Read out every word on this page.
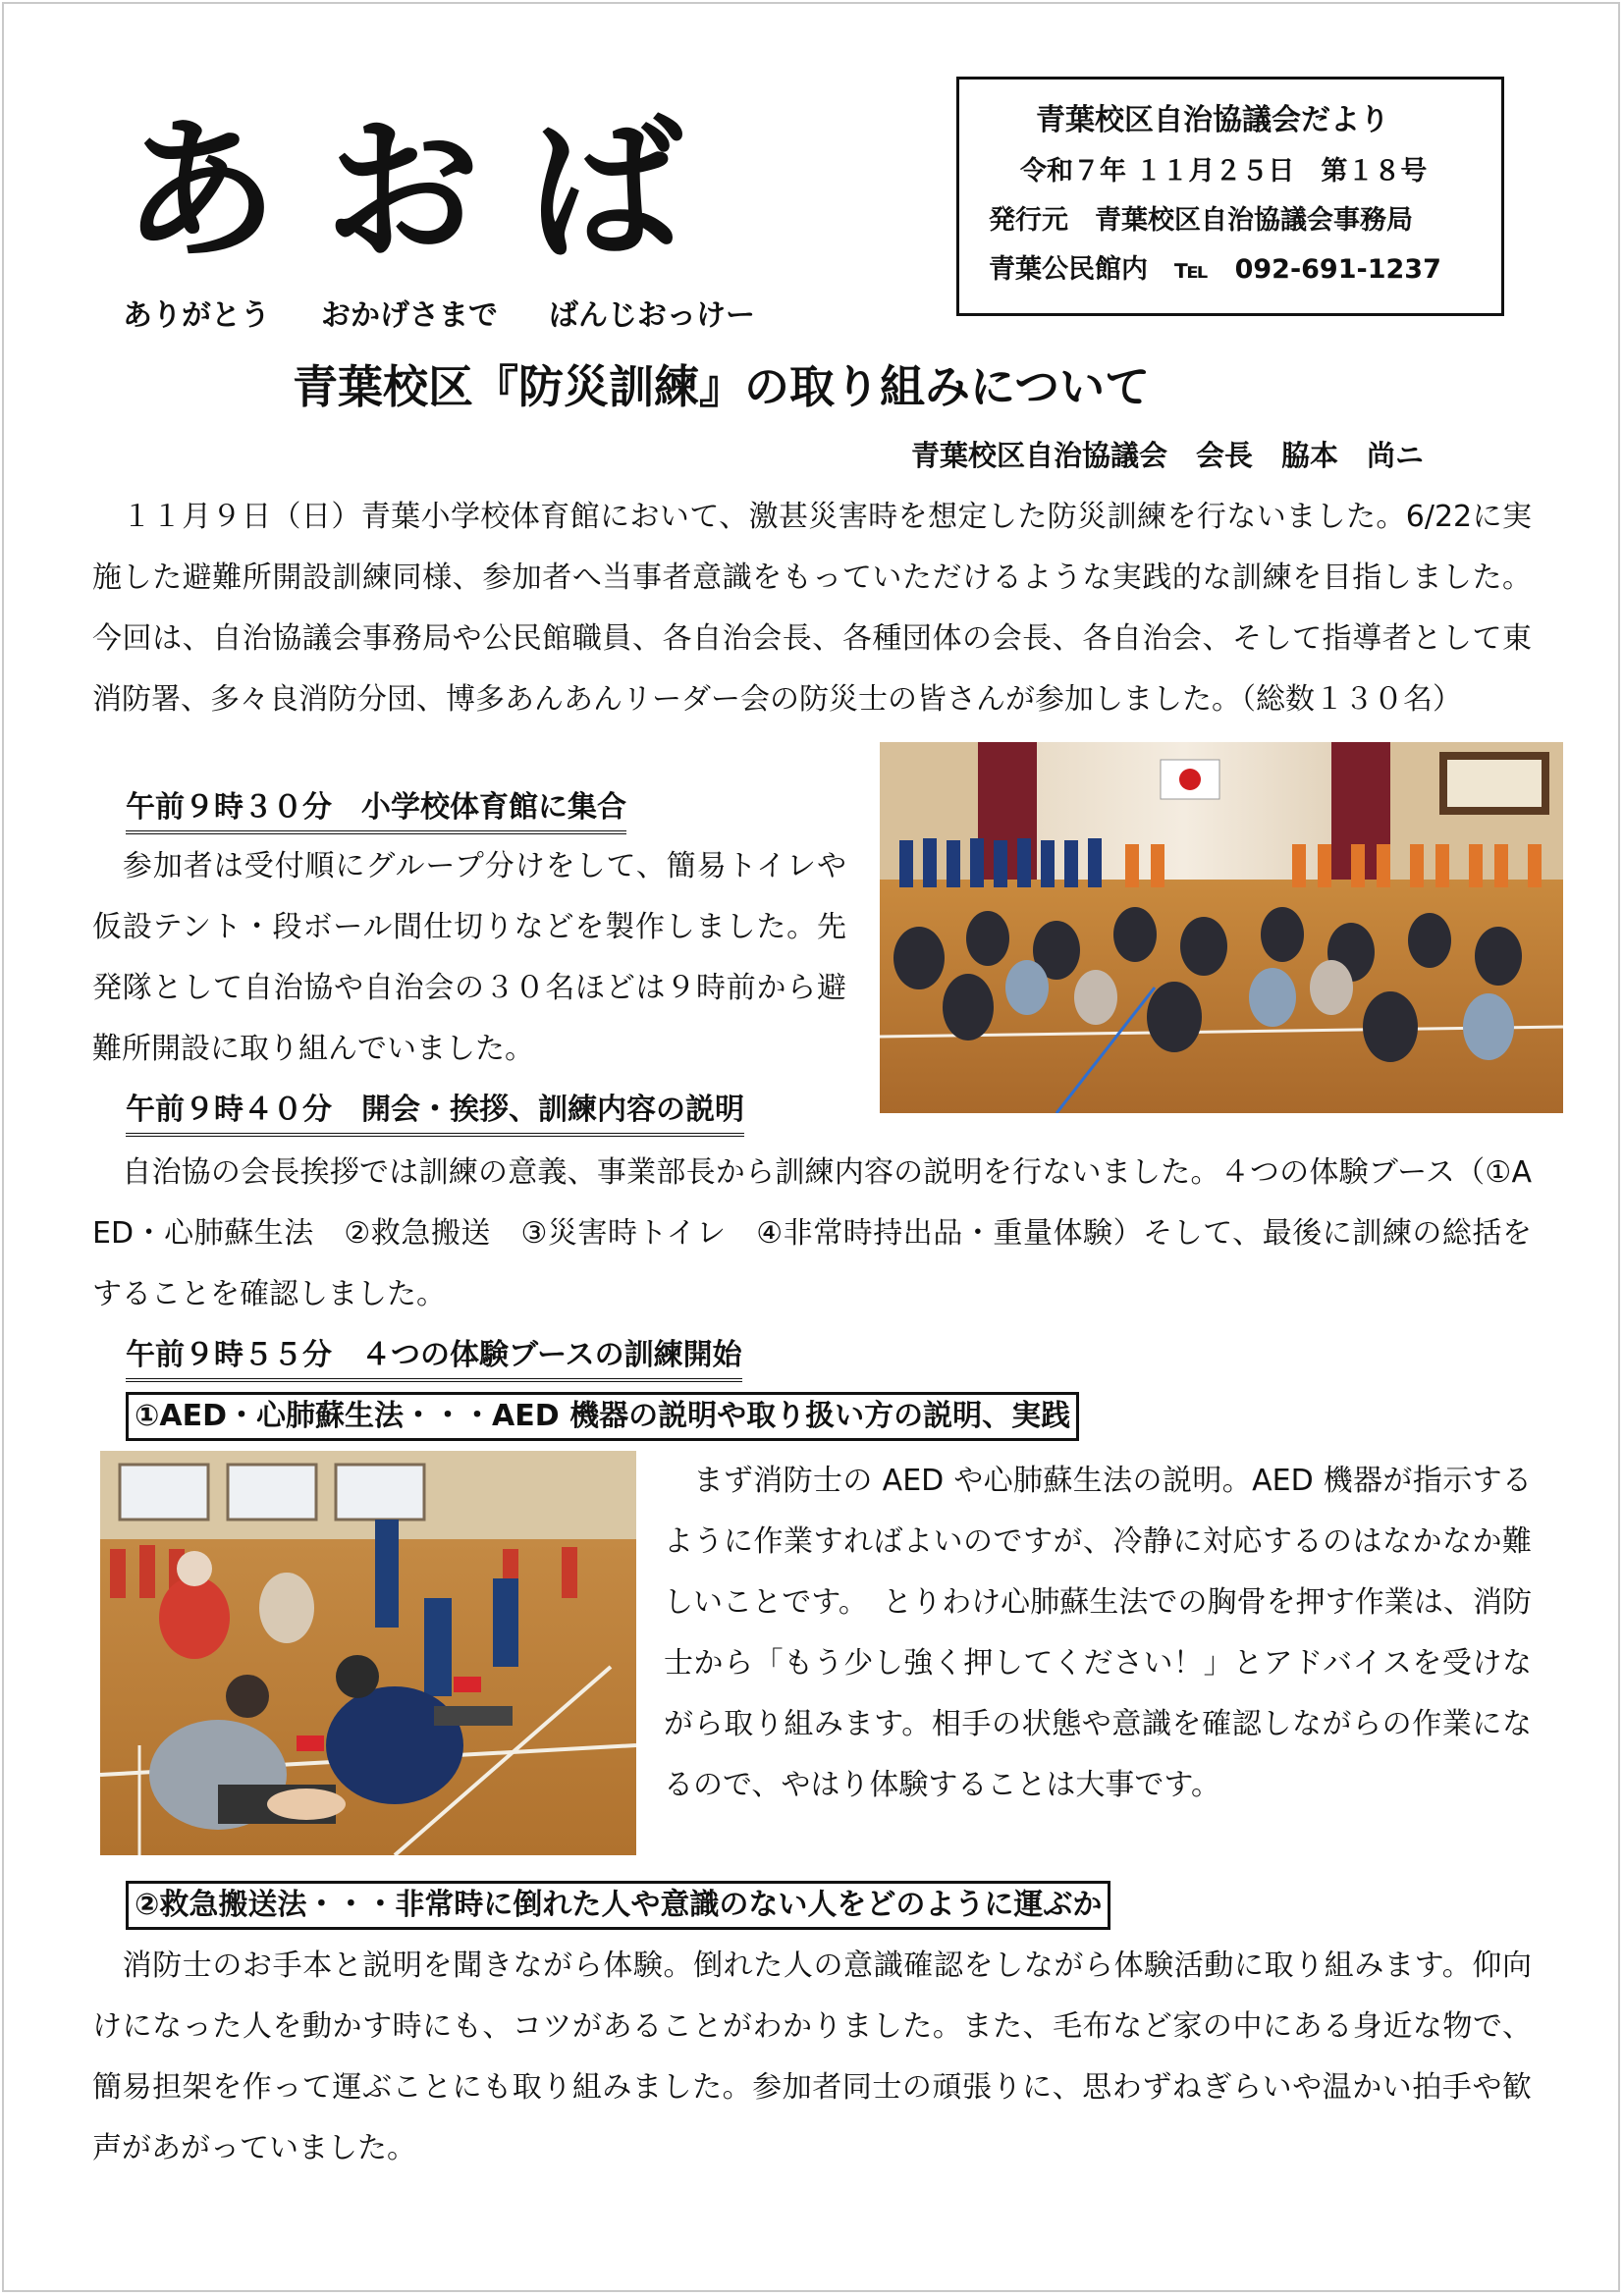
あおば
ありがとう おかげさまで ばんじおっけー
青葉校区自治協議会だより
令和７年 １１月２５日　第１８号
発行元　青葉校区自治協議会事務局
青葉公民館内　℡　092-691-1237
青葉校区『防災訓練』の取り組みについて
青葉校区自治協議会　会長　脇本　尚ニ
　１１月９日（日）青葉小学校体育館において、激甚災害時を想定した防災訓練を行ないました。6/22に実施した避難所開設訓練同様、参加者へ当事者意識をもっていただけるような実践的な訓練を目指しました。今回は、自治協議会事務局や公民館職員、各自治会長、各種団体の会長、各自治会、そして指導者として東消防署、多々良消防分団、博多あんあんリーダー会の防災士の皆さんが参加しました。（総数１３０名）
午前９時３０分　小学校体育館に集合
　参加者は受付順にグループ分けをして、簡易トイレや仮設テント・段ボール間仕切りなどを製作しました。先発隊として自治協や自治会の３０名ほどは９時前から避難所開設に取り組んでいました。
午前９時４０分　開会・挨拶、訓練内容の説明
　自治協の会長挨拶では訓練の意義、事業部長から訓練内容の説明を行ないました。４つの体験ブース（①AED・心肺蘇生法　②救急搬送　③災害時トイレ　④非常時持出品・重量体験）そして、最後に訓練の総括をすることを確認しました。
午前９時５５分　４つの体験ブースの訓練開始
①AED・心肺蘇生法・・・AED 機器の説明や取り扱い方の説明、実践
　まず消防士の AED や心肺蘇生法の説明。AED 機器が指示するように作業すればよいのですが、冷静に対応するのはなかなか難しいことです。　とりわけ心肺蘇生法での胸骨を押す作業は、消防士から「もう少し強く押してください！」とアドバイスを受けながら取り組みます。相手の状態や意識を確認しながらの作業になるので、やはり体験することは大事です。
②救急搬送法・・・非常時に倒れた人や意識のない人をどのように運ぶか
　消防士のお手本と説明を聞きながら体験。倒れた人の意識確認をしながら体験活動に取り組みます。仰向けになった人を動かす時にも、コツがあることがわかりました。また、毛布など家の中にある身近な物で、簡易担架を作って運ぶことにも取り組みました。参加者同士の頑張りに、思わずねぎらいや温かい拍手や歓声があがっていました。
